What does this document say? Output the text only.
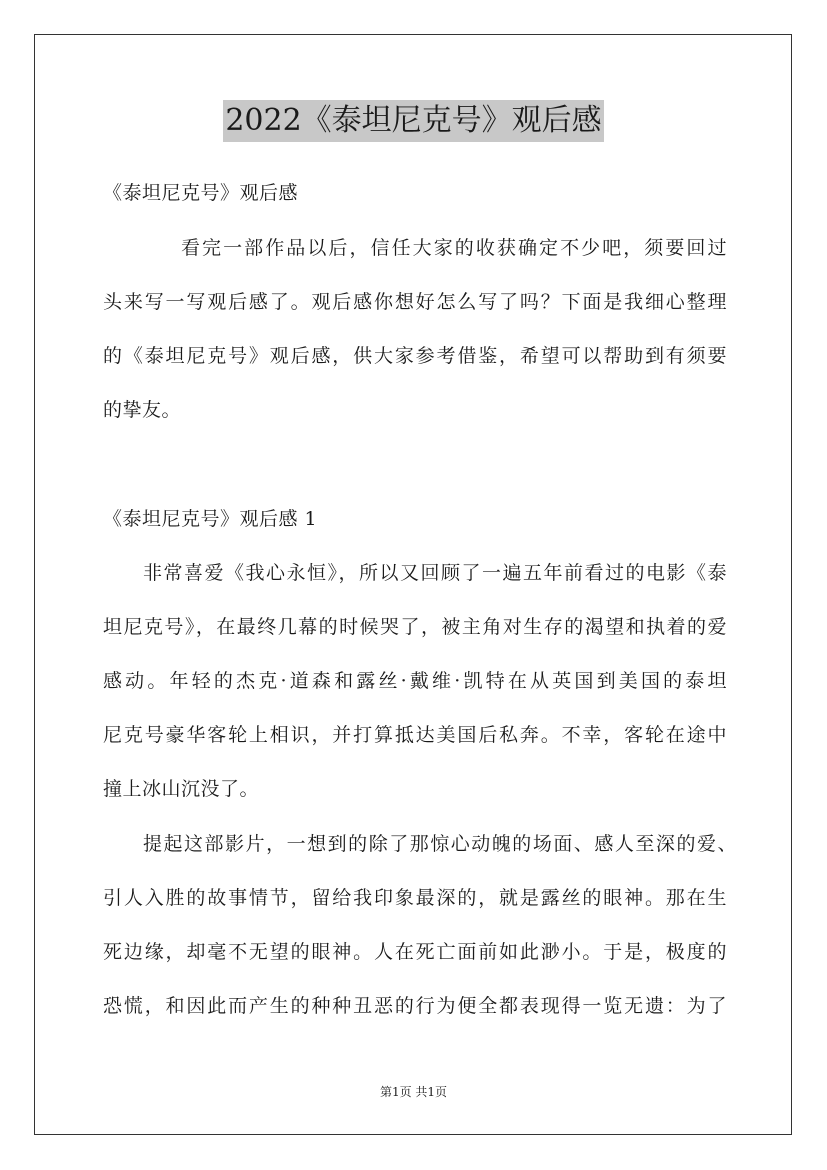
2022《泰坦尼克号》观后感
《泰坦尼克号》观后感
看完一部作品以后，信任大家的收获确定不少吧，须要回过
头来写一写观后感了。观后感你想好怎么写了吗？下面是我细心整理
的《泰坦尼克号》观后感，供大家参考借鉴，希望可以帮助到有须要
的挚友。
《泰坦尼克号》观后感 1
非常喜爱《我心永恒》，所以又回顾了一遍五年前看过的电影《泰
坦尼克号》，在最终几幕的时候哭了，被主角对生存的渴望和执着的爱
感动。年轻的杰克·道森和露丝·戴维·凯特在从英国到美国的泰坦
尼克号豪华客轮上相识，并打算抵达美国后私奔。不幸，客轮在途中
撞上冰山沉没了。
提起这部影片，一想到的除了那惊心动魄的场面、感人至深的爱、
引人入胜的故事情节，留给我印象最深的，就是露丝的眼神。那在生
死边缘，却毫不无望的眼神。人在死亡面前如此渺小。于是，极度的
恐慌，和因此而产生的种种丑恶的行为便全都表现得一览无遗：为了
第1页 共1页
